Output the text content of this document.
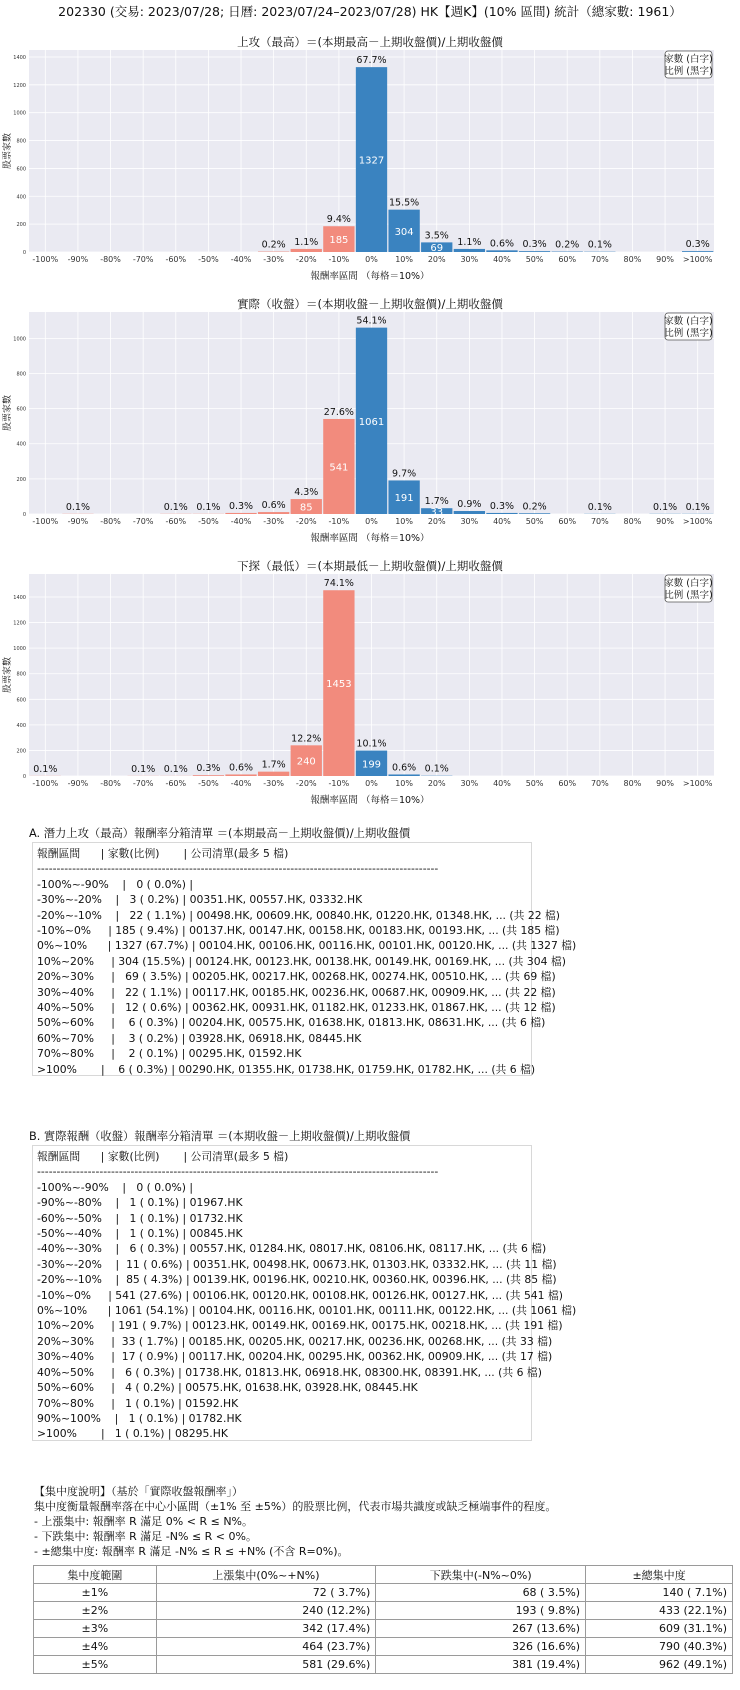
202330 (交易: 2023/07/28; 日曆: 2023/07/24–2023/07/28) HK【週K】(10% 區間) 統計（總家數: 1961）
上攻（最高）＝(本期最高－上期收盤價)/上期收盤價
0
200
400
600
800
1000
1200
1400
-100% -90% -80% -70% -60% -50% -40% -30% -20% -10% 0% 10% 20% 30% 40% 50% 60% 70% 80% 90% >100%
0.2% 1.1% 185
9.4%
1327
67.7%
304
15.5%
69
3.5%
1.1% 0.6% 0.3% 0.2% 0.1%	0.3%
報酬率區間 （每格＝10%）
股票家數
家數 (白字)
比例 (黑字)
實際（收盤）＝(本期收盤－上期收盤價)/上期收盤價
0
200
400
600
800
1000
-100% -90% -80% -70% -60% -50% -40% -30% -20% -10% 0% 10% 20% 30% 40% 50% 60% 70% 80% 90% >100%
0.1%	0.1% 0.1% 0.3% 0.6% 85
4.3%
541
27.6%
1061
54.1%
191
9.7%
33
1.7% 0.9% 0.3% 0.2%	0.1%	0.1% 0.1%
報酬率區間 （每格＝10%）
股票家數
家數 (白字)
比例 (黑字)
下探（最低）＝(本期最低－上期收盤價)/上期收盤價
0
200
400
600
800
1000
1200
1400
-100% -90% -80% -70% -60% -50% -40% -30% -20% -10% 0% 10% 20% 30% 40% 50% 60% 70% 80% 90% >100%
0.1%	0.1% 0.1% 0.3% 0.6% 1.7% 240
12.2%
1453
74.1%
199
10.1%
0.6% 0.1%
報酬率區間 （每格＝10%）
股票家數
家數 (白字)
比例 (黑字)
A. 潛力上攻（最高）報酬率分箱清單 ＝(本期最高－上期收盤價)/上期收盤價
報酬區間      | 家數(比例)       | 公司清單(最多 5 檔)
-------------------------------------------------------------------------------------------------------
-100%~-90%    |   0 ( 0.0%) |
-30%~-20%    |   3 ( 0.2%) | 00351.HK, 00557.HK, 03332.HK
-20%~-10%    |   22 ( 1.1%) | 00498.HK, 00609.HK, 00840.HK, 01220.HK, 01348.HK, ... (共 22 檔)
-10%~0%     | 185 ( 9.4%) | 00137.HK, 00147.HK, 00158.HK, 00183.HK, 00193.HK, ... (共 185 檔)
0%~10%      | 1327 (67.7%) | 00104.HK, 00106.HK, 00116.HK, 00101.HK, 00120.HK, ... (共 1327 檔)
10%~20%     | 304 (15.5%) | 00124.HK, 00123.HK, 00138.HK, 00149.HK, 00169.HK, ... (共 304 檔)
20%~30%     |   69 ( 3.5%) | 00205.HK, 00217.HK, 00268.HK, 00274.HK, 00510.HK, ... (共 69 檔)
30%~40%     |   22 ( 1.1%) | 00117.HK, 00185.HK, 00236.HK, 00687.HK, 00909.HK, ... (共 22 檔)
40%~50%     |   12 ( 0.6%) | 00362.HK, 00931.HK, 01182.HK, 01233.HK, 01867.HK, ... (共 12 檔)
50%~60%     |    6 ( 0.3%) | 00204.HK, 00575.HK, 01638.HK, 01813.HK, 08631.HK, ... (共 6 檔)
60%~70%     |    3 ( 0.2%) | 03928.HK, 06918.HK, 08445.HK
70%~80%     |    2 ( 0.1%) | 00295.HK, 01592.HK
>100%       |    6 ( 0.3%) | 00290.HK, 01355.HK, 01738.HK, 01759.HK, 01782.HK, ... (共 6 檔)
B. 實際報酬（收盤）報酬率分箱清單 ＝(本期收盤－上期收盤價)/上期收盤價
報酬區間      | 家數(比例)       | 公司清單(最多 5 檔)
-------------------------------------------------------------------------------------------------------
-100%~-90%    |   0 ( 0.0%) |
-90%~-80%    |   1 ( 0.1%) | 01967.HK
-60%~-50%    |   1 ( 0.1%) | 01732.HK
-50%~-40%    |   1 ( 0.1%) | 00845.HK
-40%~-30%    |   6 ( 0.3%) | 00557.HK, 01284.HK, 08017.HK, 08106.HK, 08117.HK, ... (共 6 檔)
-30%~-20%    |  11 ( 0.6%) | 00351.HK, 00498.HK, 00673.HK, 01303.HK, 03332.HK, ... (共 11 檔)
-20%~-10%    |  85 ( 4.3%) | 00139.HK, 00196.HK, 00210.HK, 00360.HK, 00396.HK, ... (共 85 檔)
-10%~0%     | 541 (27.6%) | 00106.HK, 00120.HK, 00108.HK, 00126.HK, 00127.HK, ... (共 541 檔)
0%~10%      | 1061 (54.1%) | 00104.HK, 00116.HK, 00101.HK, 00111.HK, 00122.HK, ... (共 1061 檔)
10%~20%     | 191 ( 9.7%) | 00123.HK, 00149.HK, 00169.HK, 00175.HK, 00218.HK, ... (共 191 檔)
20%~30%     |  33 ( 1.7%) | 00185.HK, 00205.HK, 00217.HK, 00236.HK, 00268.HK, ... (共 33 檔)
30%~40%     |  17 ( 0.9%) | 00117.HK, 00204.HK, 00295.HK, 00362.HK, 00909.HK, ... (共 17 檔)
40%~50%     |   6 ( 0.3%) | 01738.HK, 01813.HK, 06918.HK, 08300.HK, 08391.HK, ... (共 6 檔)
50%~60%     |   4 ( 0.2%) | 00575.HK, 01638.HK, 03928.HK, 08445.HK
70%~80%     |   1 ( 0.1%) | 01592.HK
90%~100%    |   1 ( 0.1%) | 01782.HK
>100%       |   1 ( 0.1%) | 08295.HK
【集中度說明】（基於「實際收盤報酬率」）
集中度衡量報酬率落在中心小區間（±1% 至 ±5%）的股票比例，代表市場共識度或缺乏極端事件的程度。
- 上漲集中: 報酬率 R 滿足 0% < R ≤ N%。
- 下跌集中: 報酬率 R 滿足 -N% ≤ R < 0%。
- ±總集中度: 報酬率 R 滿足 -N% ≤ R ≤ +N% (不含 R=0%)。
集中度範圍	上漲集中(0%~+N%)	下跌集中(-N%~0%)	±總集中度
±1%	72 ( 3.7%)	68 ( 3.5%)	140 ( 7.1%)
±2%	240 (12.2%)	193 ( 9.8%)	433 (22.1%)
±3%	342 (17.4%)	267 (13.6%)	609 (31.1%)
±4%	464 (23.7%)	326 (16.6%)	790 (40.3%)
±5%	581 (29.6%)	381 (19.4%)	962 (49.1%)
